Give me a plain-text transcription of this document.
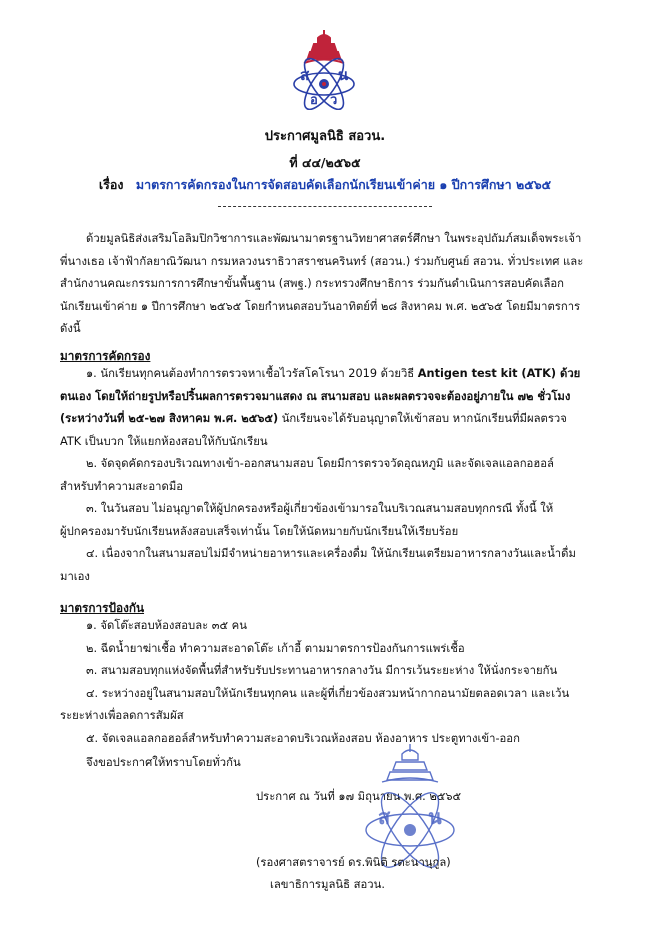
ส น
อ ว
ประกาศมูลนิธิ สอวน.
ที่ ๔๔/๒๕๖๕
เรื่อง มาตรการคัดกรองในการจัดสอบคัดเลือกนักเรียนเข้าค่าย ๑ ปีการศึกษา ๒๕๖๕
ด้วยมูลนิธิส่งเสริมโอลิมปิกวิชาการและพัฒนามาตรฐานวิทยาศาสตร์ศึกษา ในพระอุปถัมภ์สมเด็จพระเจ้า
พี่นางเธอ เจ้าฟ้ากัลยาณิวัฒนา กรมหลวงนราธิวาสราชนครินทร์ (สอวน.) ร่วมกับศูนย์ สอวน. ทั่วประเทศ และ
สำนักงานคณะกรรมการการศึกษาขั้นพื้นฐาน (สพฐ.) กระทรวงศึกษาธิการ ร่วมกันดำเนินการสอบคัดเลือก
นักเรียนเข้าค่าย ๑ ปีการศึกษา ๒๕๖๕ โดยกำหนดสอบวันอาทิตย์ที่ ๒๘ สิงหาคม พ.ศ. ๒๕๖๕ โดยมีมาตรการ
ดังนี้
มาตรการคัดกรอง
๑. นักเรียนทุกคนต้องทำการตรวจหาเชื้อไวรัสโคโรนา 2019 ด้วยวิธี Antigen test kit (ATK) ด้วย
ตนเอง โดยให้ถ่ายรูปหรือปริ้นผลการตรวจมาแสดง ณ สนามสอบ และผลตรวจจะต้องอยู่ภายใน ๗๒ ชั่วโมง
(ระหว่างวันที่ ๒๕-๒๗ สิงหาคม พ.ศ. ๒๕๖๕) นักเรียนจะได้รับอนุญาตให้เข้าสอบ หากนักเรียนที่มีผลตรวจ
ATK เป็นบวก ให้แยกห้องสอบให้กับนักเรียน
๒. จัดจุดคัดกรองบริเวณทางเข้า-ออกสนามสอบ โดยมีการตรวจวัดอุณหภูมิ และจัดเจลแอลกอฮอล์
สำหรับทำความสะอาดมือ
๓. ในวันสอบ ไม่อนุญาตให้ผู้ปกครองหรือผู้เกี่ยวข้องเข้ามารอในบริเวณสนามสอบทุกกรณี ทั้งนี้ ให้
ผู้ปกครองมารับนักเรียนหลังสอบเสร็จเท่านั้น โดยให้นัดหมายกับนักเรียนให้เรียบร้อย
๔. เนื่องจากในสนามสอบไม่มีจำหน่ายอาหารและเครื่องดื่ม ให้นักเรียนเตรียมอาหารกลางวันและน้ำดื่ม
มาเอง
มาตรการป้องกัน
๑. จัดโต๊ะสอบห้องสอบละ ๓๕ คน
๒. ฉีดน้ำยาฆ่าเชื้อ ทำความสะอาดโต๊ะ เก้าอี้ ตามมาตรการป้องกันการแพร่เชื้อ
๓. สนามสอบทุกแห่งจัดพื้นที่สำหรับรับประทานอาหารกลางวัน มีการเว้นระยะห่าง ให้นั่งกระจายกัน
๔. ระหว่างอยู่ในสนามสอบให้นักเรียนทุกคน และผู้ที่เกี่ยวข้องสวมหน้ากากอนามัยตลอดเวลา และเว้น
ระยะห่างเพื่อลดการสัมผัส
๕. จัดเจลแอลกอฮอล์สำหรับทำความสะอาดบริเวณห้องสอบ ห้องอาหาร ประตูทางเข้า-ออก
จึงขอประกาศให้ทราบโดยทั่วกัน
ประกาศ ณ วันที่ ๑๗ มิถุนายน พ.ศ. ๒๕๖๕
ส น
(รองศาสตราจารย์ ดร.พินิติ รตะนานุกูล)
เลขาธิการมูลนิธิ สอวน.
